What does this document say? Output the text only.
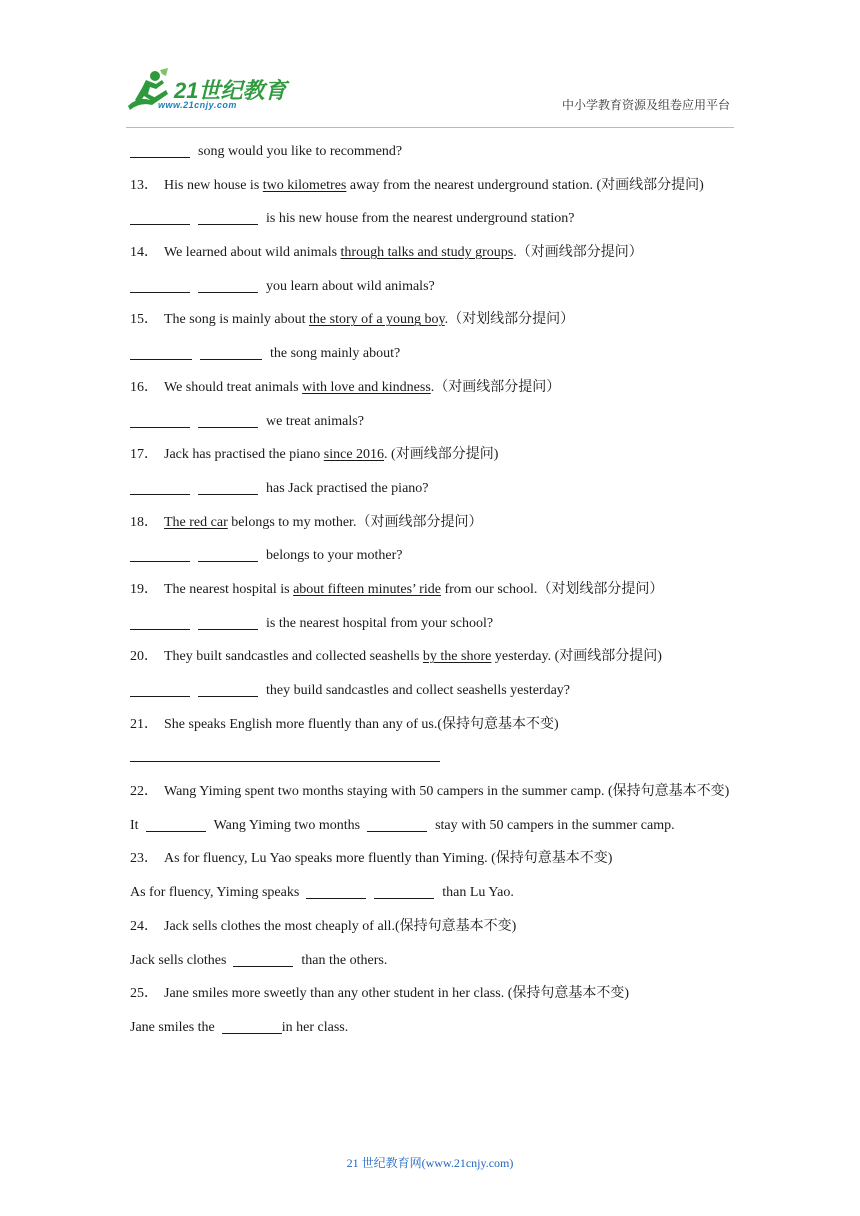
21世纪教育
www.21cnjy.com	中小学教育资源及组卷应用平台
song would you like to recommend?
13． His new house is two kilometres away from the nearest underground station. (对画线部分提问)
is his new house from the nearest underground station?
14． We learned about wild animals through talks and study groups.（对画线部分提问）
you learn about wild animals?
15． The song is mainly about the story of a young boy.（对划线部分提问）
the song mainly about?
16． We should treat animals with love and kindness.（对画线部分提问）
we treat animals?
17． Jack has practised the piano since 2016. (对画线部分提问)
has Jack practised the piano?
18． The red car belongs to my mother.（对画线部分提问）
belongs to your mother?
19． The nearest hospital is about fifteen minutes’ ride from our school.（对划线部分提问）
is the nearest hospital from your school?
20． They built sandcastles and collected seashells by the shore yesterday. (对画线部分提问)
they build sandcastles and collect seashells yesterday?
21． She speaks English more fluently than any of us.(保持句意基本不变)
22． Wang Yiming spent two months staying with 50 campers in the summer camp. (保持句意基本不变)
It	Wang Yiming two months	stay with 50 campers in the summer camp.
23． As for fluency, Lu Yao speaks more fluently than Yiming. (保持句意基本不变)
As for fluency, Yiming speaks	than Lu Yao.
24． Jack sells clothes the most cheaply of all.(保持句意基本不变)
Jack sells clothes	than the others.
25． Jane smiles more sweetly than any other student in her class. (保持句意基本不变)
Jane smiles the	in her class.
21 世纪教育网(www.21cnjy.com)
